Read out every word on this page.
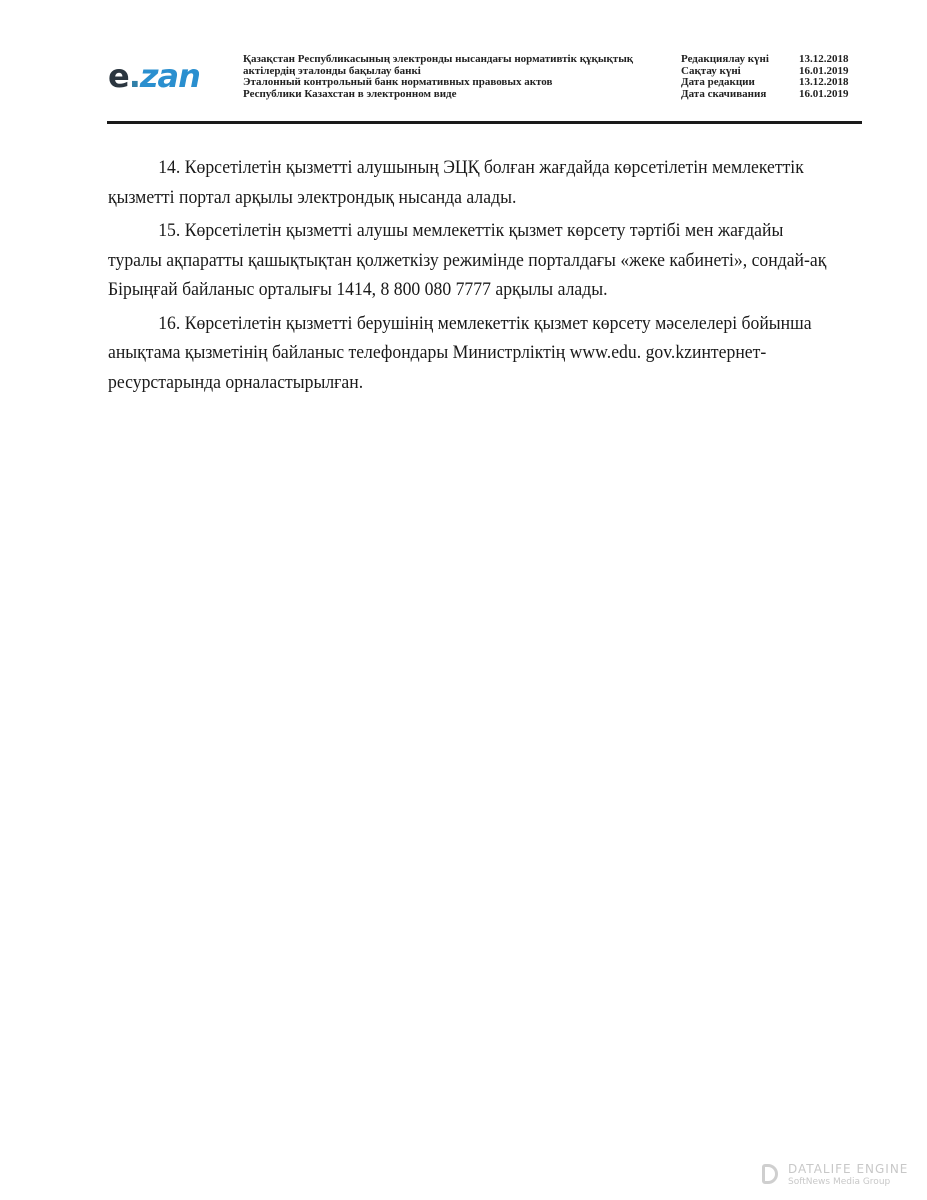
e.zan	Қазақстан Республикасының электронды нысандағы нормативтік құқықтық
актілердің эталонды бақылау банкі
Эталонный контрольный банк нормативных правовых актов
Республики Казахстан в электронном виде
Редакциялау күні	13.12.2018
Сақтау күні	16.01.2019
Дата редакции	13.12.2018
Дата скачивания	16.01.2019

14. Көрсетілетін қызметті алушының ЭЦҚ болған жағдайда көрсетілетін мемлекеттік қызметті портал арқылы электрондық нысанда алады.

15. Көрсетілетін қызметті алушы мемлекеттік қызмет көрсету тәртібі мен жағдайы туралы ақпаратты қашықтықтан қолжеткізу режимінде порталдағы «жеке кабинеті», сондай-ақ Бірыңғай байланыс орталығы 1414, 8 800 080 7777 арқылы алады.

16. Көрсетілетін қызметті берушінің мемлекеттік қызмет көрсету мәселелері бойынша анықтама қызметінің байланыс телефондары Министрліктің www.edu. gov.kzинтернет-ресурстарында орналастырылған.

DATALIFE ENGINE
SoftNews Media Group
